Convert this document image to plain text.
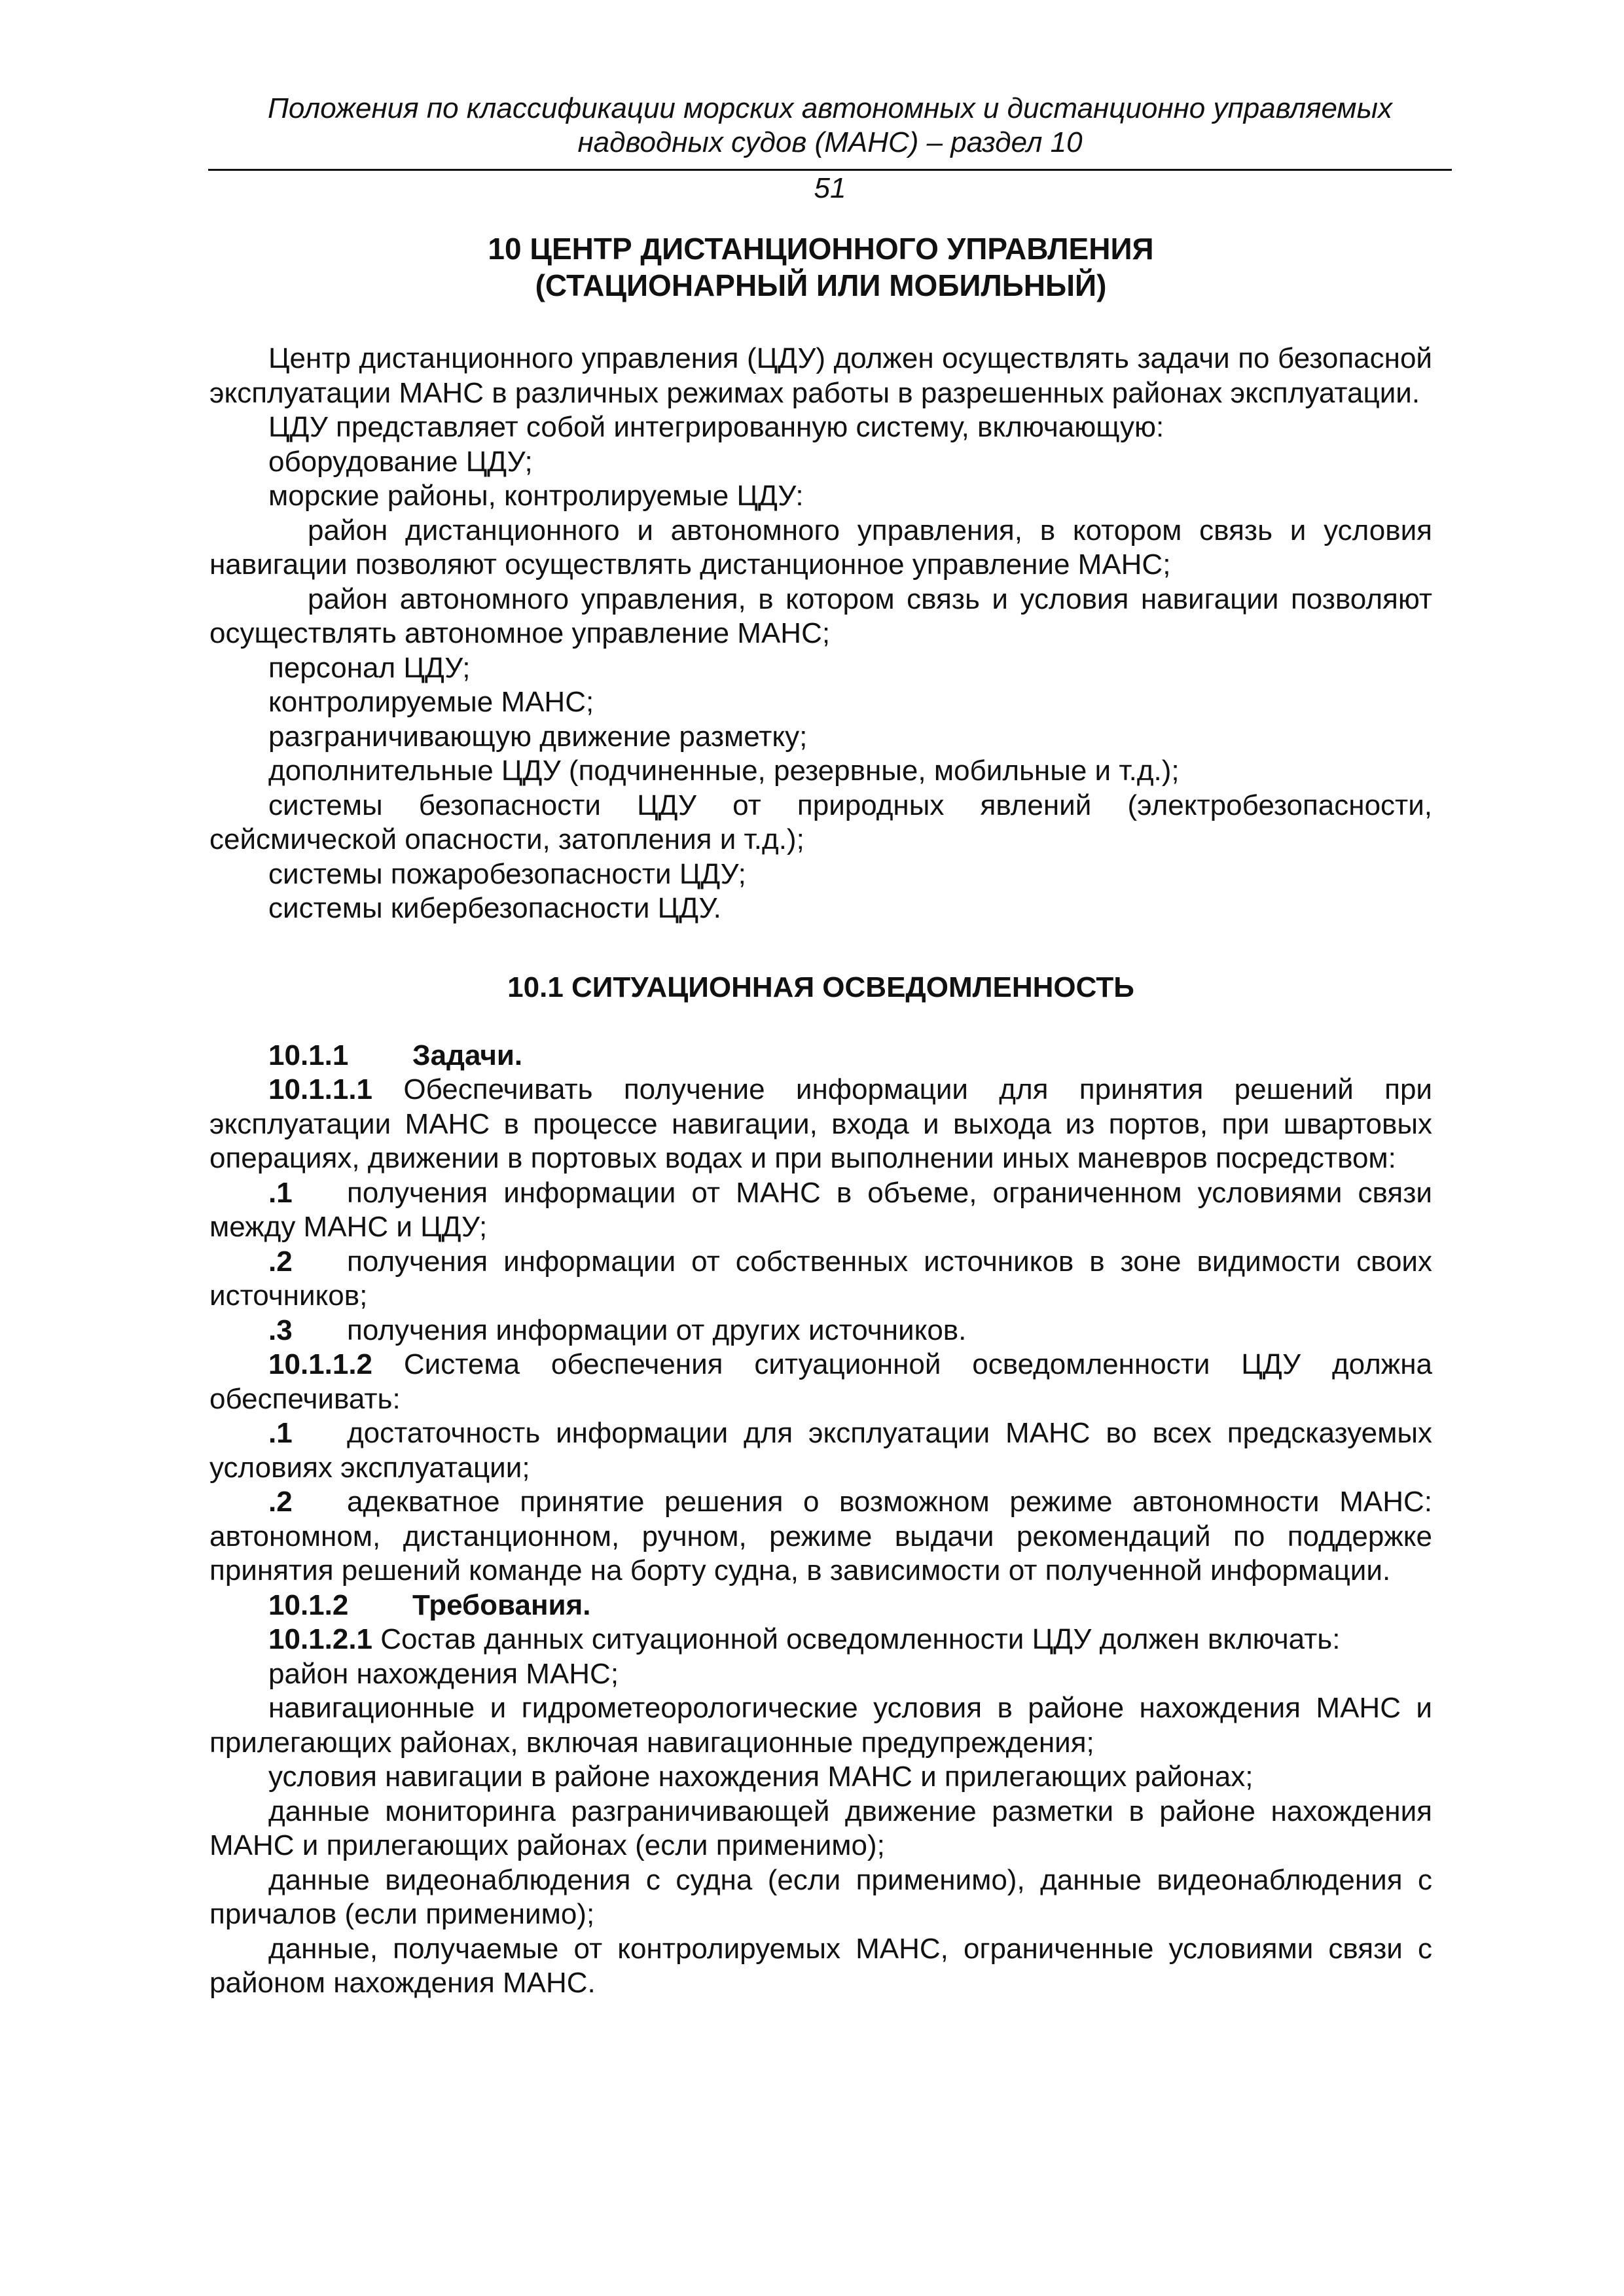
Положения по классификации морских автономных и дистанционно управляемых
надводных судов (МАНС) – раздел 10
51
10 ЦЕНТР ДИСТАНЦИОННОГО УПРАВЛЕНИЯ
(СТАЦИОНАРНЫЙ ИЛИ МОБИЛЬНЫЙ)

Центр дистанционного управления (ЦДУ) должен осуществлять задачи по безопасной эксплуатации МАНС в различных режимах работы в разрешенных районах эксплуатации.

ЦДУ представляет собой интегрированную систему, включающую:

оборудование ЦДУ;

морские районы, контролируемые ЦДУ:

район дистанционного и автономного управления, в котором связь и условия навигации позволяют осуществлять дистанционное управление МАНС;

район автономного управления, в котором связь и условия навигации позволяют осуществлять автономное управление МАНС;

персонал ЦДУ;

контролируемые МАНС;

разграничивающую движение разметку;

дополнительные ЦДУ (подчиненные, резервные, мобильные и т.д.);

системы безопасности ЦДУ от природных явлений (электробезопасности, сейсмической опасности, затопления и т.д.);

системы пожаробезопасности ЦДУ;

системы кибербезопасности ЦДУ.

10.1 СИТУАЦИОННАЯ ОСВЕДОМЛЕННОСТЬ

10.1.1 Задачи.

10.1.1.1 Обеспечивать получение информации для принятия решений при эксплуатации МАНС в процессе навигации, входа и выхода из портов, при швартовых операциях, движении в портовых водах и при выполнении иных маневров посредством:

.1 получения информации от МАНС в объеме, ограниченном условиями связи между МАНС и ЦДУ;

.2 получения информации от собственных источников в зоне видимости своих источников;

.3 получения информации от других источников.

10.1.1.2 Система обеспечения ситуационной осведомленности ЦДУ должна обеспечивать:

.1 достаточность информации для эксплуатации МАНС во всех предсказуемых условиях эксплуатации;

.2 адекватное принятие решения о возможном режиме автономности МАНС: автономном, дистанционном, ручном, режиме выдачи рекомендаций по поддержке принятия решений команде на борту судна, в зависимости от полученной информации.

10.1.2 Требования.

10.1.2.1 Состав данных ситуационной осведомленности ЦДУ должен включать:

район нахождения МАНС;

навигационные и гидрометеорологические условия в районе нахождения МАНС и прилегающих районах, включая навигационные предупреждения;

условия навигации в районе нахождения МАНС и прилегающих районах;

данные мониторинга разграничивающей движение разметки в районе нахождения МАНС и прилегающих районах (если применимо);

данные видеонаблюдения с судна (если применимо), данные видеонаблюдения с причалов (если применимо);

данные, получаемые от контролируемых МАНС, ограниченные условиями связи с районом нахождения МАНС.
